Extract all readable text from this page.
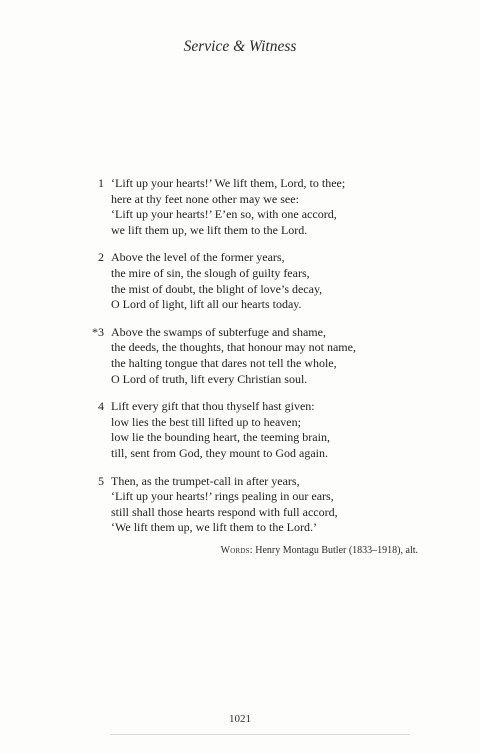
Service & Witness
1 ‘Lift up your hearts!’ We lift them, Lord, to thee;
here at thy feet none other may we see:
‘Lift up your hearts!’ E’en so, with one accord,
we lift them up, we lift them to the Lord.
2 Above the level of the former years,
the mire of sin, the slough of guilty fears,
the mist of doubt, the blight of love’s decay,
O Lord of light, lift all our hearts today.
*3 Above the swamps of subterfuge and shame,
the deeds, the thoughts, that honour may not name,
the halting tongue that dares not tell the whole,
O Lord of truth, lift every Christian soul.
4 Lift every gift that thou thyself hast given:
low lies the best till lifted up to heaven;
low lie the bounding heart, the teeming brain,
till, sent from God, they mount to God again.
5 Then, as the trumpet-call in after years,
‘Lift up your hearts!’ rings pealing in our ears,
still shall those hearts respond with full accord,
‘We lift them up, we lift them to the Lord.’
Words: Henry Montagu Butler (1833–1918), alt.
1021
